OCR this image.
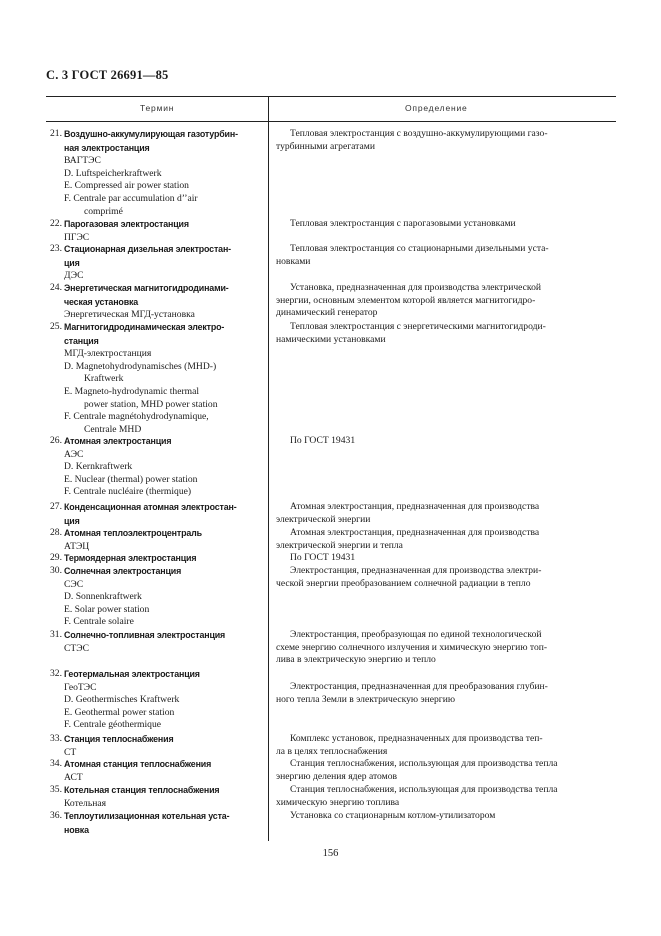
С. 3 ГОСТ 26691—85
Термин	Определение
21. Воздушно-аккумулирующая газотурбин-
ная электростанция
ВАГТЭС
D. Luftspeicherkraftwerk
E. Compressed air power station
F. Centrale par accumulation d’’air
comprimé
Тепловая электростанция с воздушно-аккумулирующими газо-
турбинными агрегатами
22. Парогазовая электростанция
ПГЭС
Тепловая электростанция с парогазовыми установками
23. Стационарная дизельная электростан-
ция
ДЭС
Тепловая электростанция со стационарными дизельными уста-
новками
24. Энергетическая магнитогидродинами-
ческая установка
Энергетическая МГД-установка
Установка, предназначенная для производства электрической
энергии, основным элементом которой является магнитогидро-
динамический генератор
25. Магнитогидродинамическая электро-
станция
МГД-электростанция
D. Magnetohydrodynamisches (MHD-)
Kraftwerk
E. Magneto-hydrodynamic thermal
power station, MHD power station
F. Centrale magnétohydrodynamique,
Centrale MHD
Тепловая электростанция с энергетическими магнитогидроди-
намическими установками
26. Атомная электростанция
АЭС
D. Kernkraftwerk
E. Nuclear (thermal) power station
F. Centrale nucléaire (thermique)
По ГОСТ 19431
27. Конденсационная атомная электростан-
ция
Атомная электростанция, предназначенная для производства
электрической энергии
28. Атомная теплоэлектроцентраль
АТЭЦ
Атомная электростанция, предназначенная для производства
электрической энергии и тепла
29. Термоядерная электростанция	По ГОСТ 19431
30. Солнечная электростанция
СЭС
D. Sonnenkraftwerk
E. Solar power station
F. Centrale solaire
Электростанция, предназначенная для производства электри-
ческой энергии преобразованием солнечной радиации в тепло
31. Солнечно-топливная электростанция
СТЭС
Электростанция, преобразующая по единой технологической
схеме энергию солнечного излучения и химическую энергию топ-
лива в электрическую энергию и тепло
32. Геотермальная электростанция
ГеоТЭС
D. Geothermisches Kraftwerk
E. Geothermal power station
F. Centrale géothermique
Электростанция, предназначенная для преобразования глубин-
ного тепла Земли в электрическую энергию
33. Станция теплоснабжения
СТ
Комплекс установок, предназначенных для производства теп-
ла в целях теплоснабжения
34. Атомная станция теплоснабжения
АСТ
Станция теплоснабжения, использующая для производства тепла
энергию деления ядер атомов
35. Котельная станция теплоснабжения
Котельная
Станция теплоснабжения, использующая для производства тепла
химическую энергию топлива
36. Теплоутилизационная котельная уста-
новка
Установка со стационарным котлом-утилизатором
156
